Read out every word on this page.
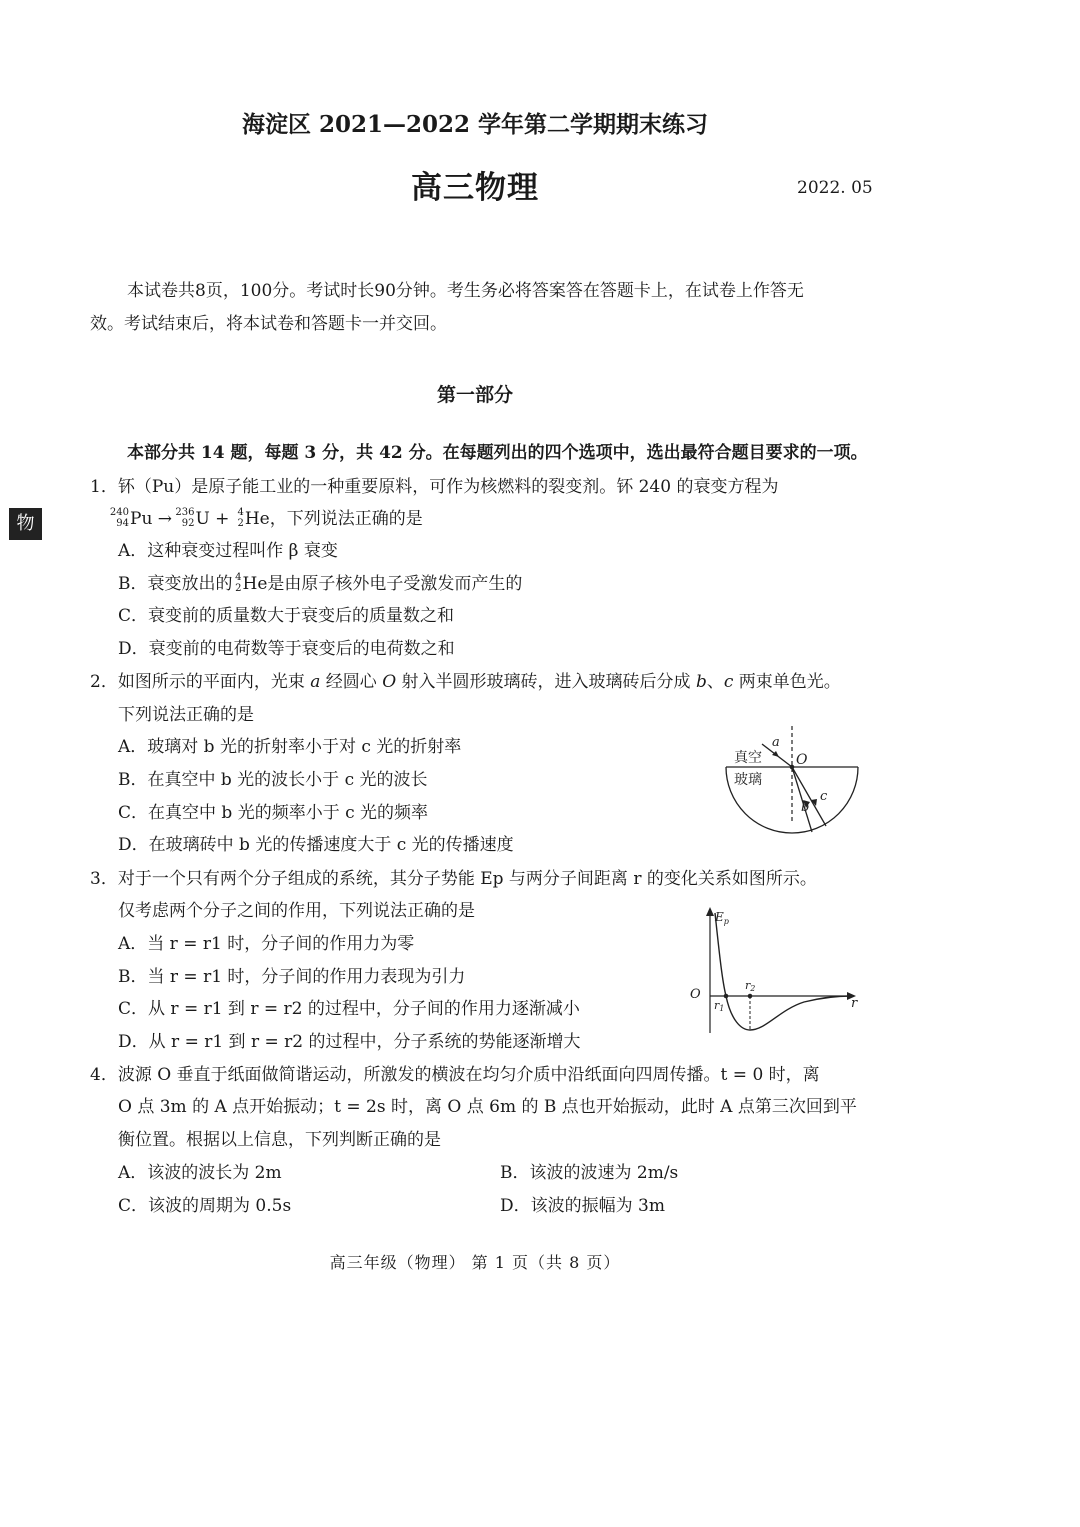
海淀区 2021—2022 学年第二学期期末练习
高三物理	2022. 05
物
本试卷共8页，100分。考试时长90分钟。考生务必将答案答在答题卡上，在试卷上作答无
效。考试结束后，将本试卷和答题卡一并交回。
第一部分
本部分共 14 题，每题 3 分，共 42 分。在每题列出的四个选项中，选出最符合题目要求的一项。
1．钚（Pu）是原子能工业的一种重要原料，可作为核燃料的裂变剂。钚 240 的衰变方程为
240
94 Pu →
236
92 U + 4
2 He，下列说法正确的是
A．这种衰变过程叫作 β 衰变
B．衰变放出的 4
2 He是由原子核外电子受激发而产生的
C．衰变前的质量数大于衰变后的质量数之和
D．衰变前的电荷数等于衰变后的电荷数之和
2．如图所示的平面内，光束 a 经圆心 O 射入半圆形玻璃砖，进入玻璃砖后分成 b、c 两束单色光。
下列说法正确的是
A．玻璃对 b 光的折射率小于对 c 光的折射率
B．在真空中 b 光的波长小于 c 光的波长
C．在真空中 b 光的频率小于 c 光的频率
D．在玻璃砖中 b 光的传播速度大于 c 光的传播速度
真空
玻璃
a
O
b
c
3．对于一个只有两个分子组成的系统，其分子势能 Ep 与两分子间距离 r 的变化关系如图所示。
仅考虑两个分子之间的作用，下列说法正确的是
A．当 r = r1 时，分子间的作用力为零
B．当 r = r1 时，分子间的作用力表现为引力
C．从 r = r1 到 r = r2 的过程中，分子间的作用力逐渐减小
D．从 r = r1 到 r = r2 的过程中，分子系统的势能逐渐增大
$E_p$
O
r
r1
r2
4．波源 O 垂直于纸面做简谐运动，所激发的横波在均匀介质中沿纸面向四周传播。t = 0 时，离
O 点 3m 的 A 点开始振动；t = 2s 时，离 O 点 6m 的 B 点也开始振动，此时 A 点第三次回到平
衡位置。根据以上信息，下列判断正确的是
A．该波的波长为 2m	B．该波的波速为 2m/s
C．该波的周期为 0.5s	D．该波的振幅为 3m
高三年级（物理） 第 1 页（共 8 页）
